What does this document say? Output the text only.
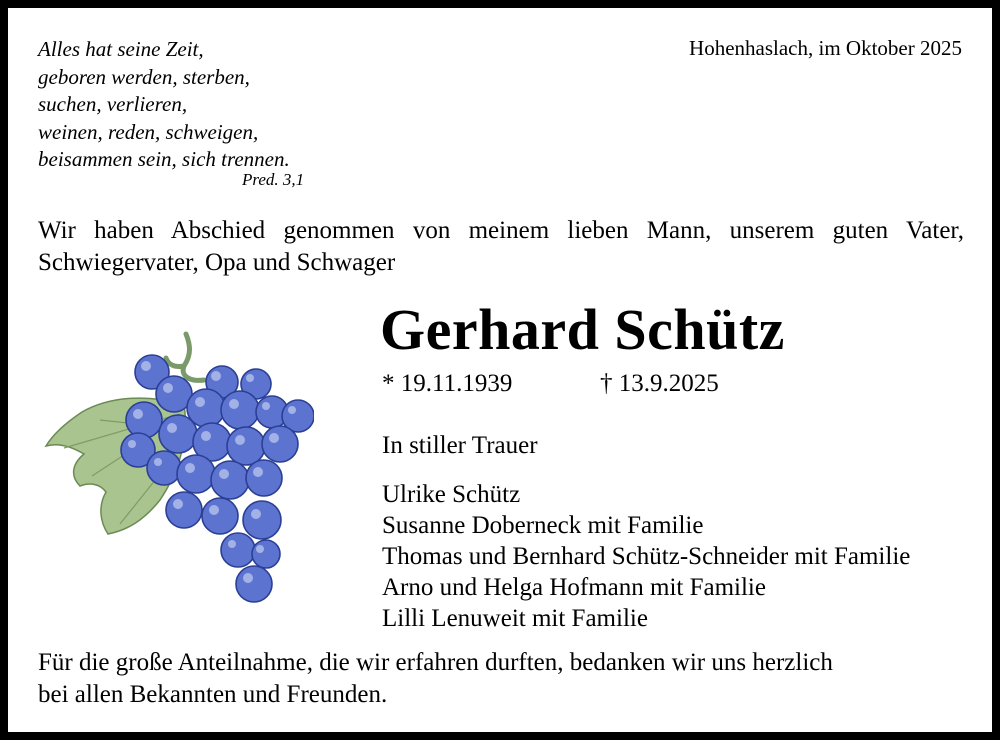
Alles hat seine Zeit,
geboren werden, sterben,
suchen, verlieren,
weinen, reden, schweigen,
beisammen sein, sich trennen.
Pred. 3,1
Hohenhaslach, im Oktober 2025
Wir haben Abschied genommen von meinem lieben Mann, unserem guten Vater,
Schwiegervater, Opa und Schwager
Gerhard Schütz
* 19.11.1939	† 13.9.2025
In stiller Trauer
Ulrike Schütz
Susanne Doberneck mit Familie
Thomas und Bernhard Schütz-Schneider mit Familie
Arno und Helga Hofmann mit Familie
Lilli Lenuweit mit Familie
Für die große Anteilnahme, die wir erfahren durften, bedanken wir uns herzlich
bei allen Bekannten und Freunden.
